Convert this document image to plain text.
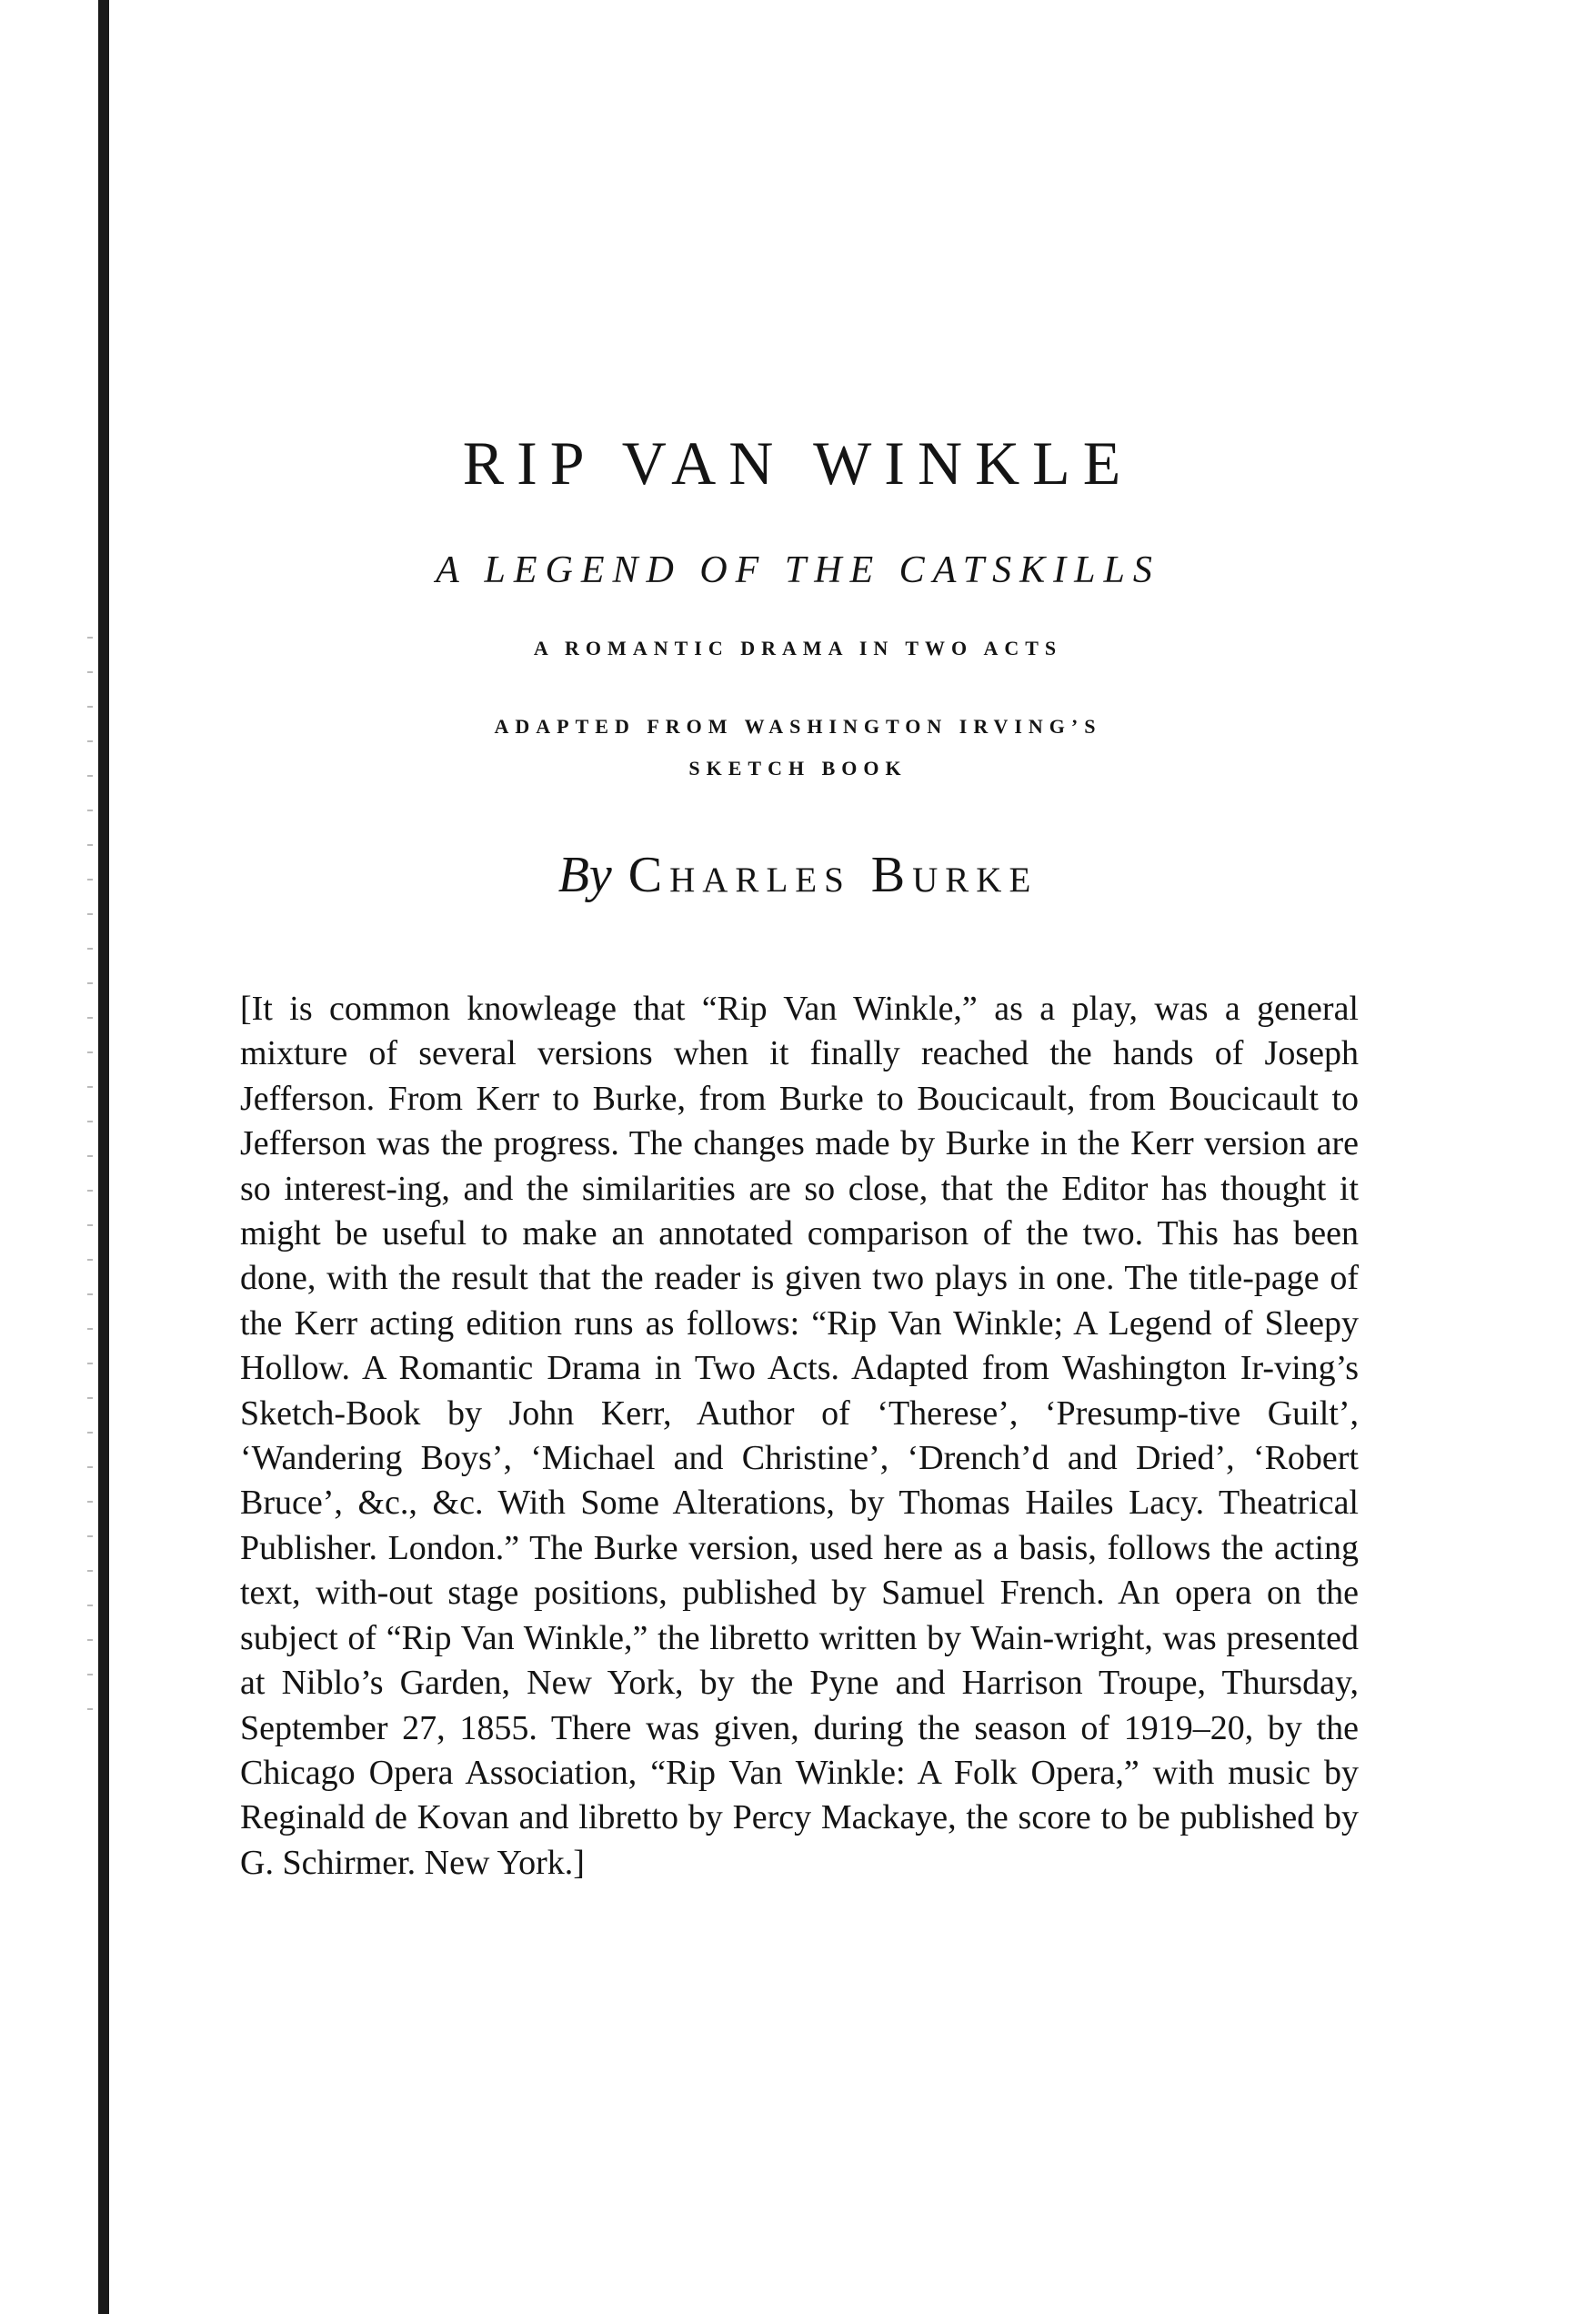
RIP VAN WINKLE
A LEGEND OF THE CATSKILLS

A ROMANTIC DRAMA IN TWO ACTS

ADAPTED FROM WASHINGTON IRVING’S

SKETCH BOOK

By Charles Burke

[It is common knowleage that “Rip Van Winkle,” as a play, was a general mixture of several versions when it finally reached the hands of Joseph Jefferson. From Kerr to Burke, from Burke to Boucicault, from Boucicault to Jefferson was the progress. The changes made by Burke in the Kerr version are so interest-ing, and the similarities are so close, that the Editor has thought it might be useful to make an annotated comparison of the two. This has been done, with the result that the reader is given two plays in one. The title-page of the Kerr acting edition runs as follows: “Rip Van Winkle; A Legend of Sleepy Hollow. A Romantic Drama in Two Acts. Adapted from Washington Ir-ving’s Sketch-Book by John Kerr, Author of ‘Therese’, ‘Presump-tive Guilt’, ‘Wandering Boys’, ‘Michael and Christine’, ‘Drench’d and Dried’, ‘Robert Bruce’, &c., &c. With Some Alterations, by Thomas Hailes Lacy. Theatrical Publisher. London.” The Burke version, used here as a basis, follows the acting text, with-out stage positions, published by Samuel French. An opera on the subject of “Rip Van Winkle,” the libretto written by Wain-wright, was presented at Niblo’s Garden, New York, by the Pyne and Harrison Troupe, Thursday, September 27, 1855. There was given, during the season of 1919–20, by the Chicago Opera Association, “Rip Van Winkle: A Folk Opera,” with music by Reginald de Kovan and libretto by Percy Mackaye, the score to be published by G. Schirmer. New York.]
